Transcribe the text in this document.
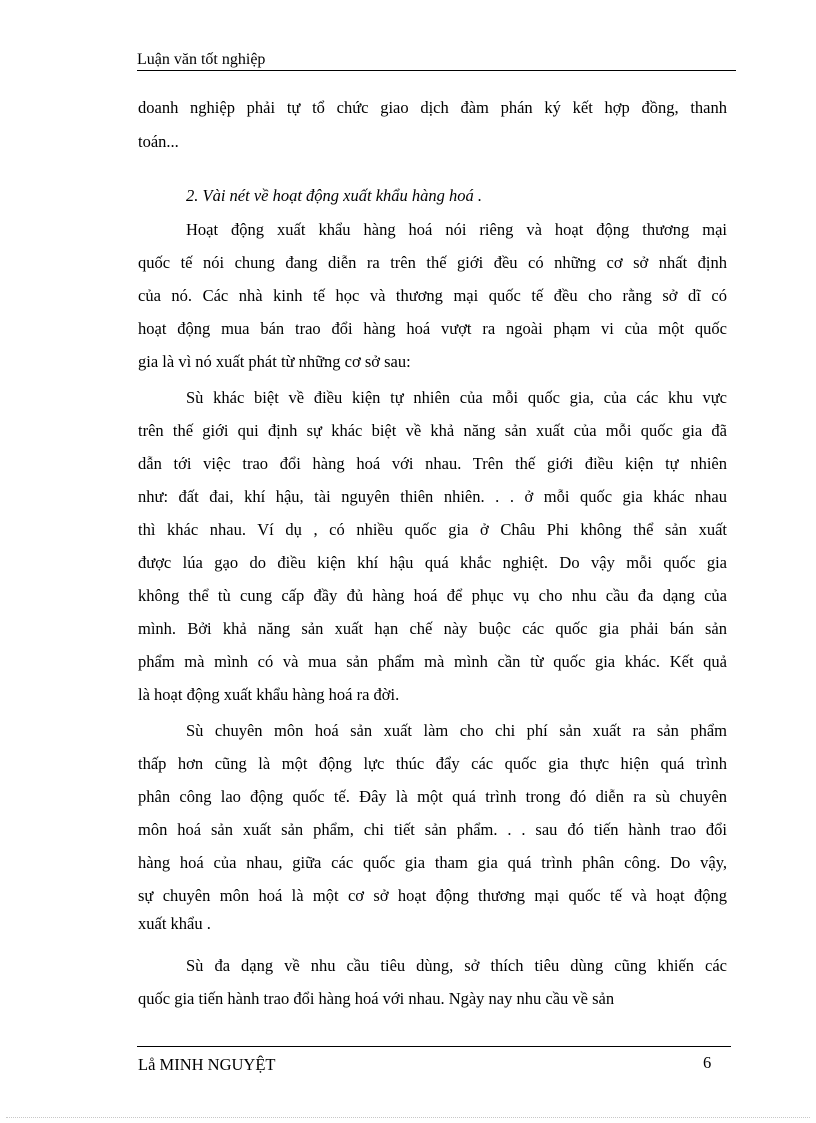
Luận văn tốt nghiệp
doanh nghiệp phải tự tổ chức giao dịch đàm phán ký kết hợp đồng, thanh
toán...
2. Vài nét về hoạt động xuất khẩu hàng hoá .
Hoạt động xuất khẩu hàng hoá nói riêng và hoạt động thương mại
quốc tế nói chung đang diễn ra trên thế giới đều có những cơ sở nhất định
của nó. Các nhà kinh tế học và thương mại quốc tế đều cho rằng sở dĩ có
hoạt động mua bán trao đổi hàng hoá vượt ra ngoài phạm vi của một quốc
gia là vì nó xuất phát từ những cơ sở sau:
Sù khác biệt về điều kiện tự nhiên của mỗi quốc gia, của các khu vực
trên thế giới qui định sự khác biệt về khả năng sản xuất của mỗi quốc gia đã
dẫn tới việc trao đổi hàng hoá với nhau. Trên thế giới điều kiện tự nhiên
như: đất đai, khí hậu, tài nguyên thiên nhiên. . . ở mỗi quốc gia khác nhau
thì khác nhau. Ví dụ , có nhiều quốc gia ở Châu Phi không thể sản xuất
được lúa gạo do điều kiện khí hậu quá khắc nghiệt. Do vậy mỗi quốc gia
không thể tù cung cấp đầy đủ hàng hoá để phục vụ cho nhu cầu đa dạng của
mình. Bởi khả năng sản xuất hạn chế này buộc các quốc gia phải bán sản
phẩm mà mình có và mua sản phẩm mà mình cần từ quốc gia khác. Kết quả
là hoạt động xuất khẩu hàng hoá ra đời.
Sù chuyên môn hoá sản xuất làm cho chi phí sản xuất ra sản phẩm
thấp hơn cũng là một động lực thúc đẩy các quốc gia thực hiện quá trình
phân công lao động quốc tế. Đây là một quá trình trong đó diễn ra sù chuyên
môn hoá sản xuất sản phẩm, chi tiết sản phẩm. . . sau đó tiến hành trao đổi
hàng hoá của nhau, giữa các quốc gia tham gia quá trình phân công. Do vậy,
sự chuyên môn hoá là một cơ sở hoạt động thương mại quốc tế và hoạt động
xuất khẩu .
Sù đa dạng về nhu cầu tiêu dùng, sở thích tiêu dùng cũng khiến các
quốc gia tiến hành trao đổi hàng hoá với nhau. Ngày nay nhu cầu về sản
Lå MINH NGUYỆT	6
